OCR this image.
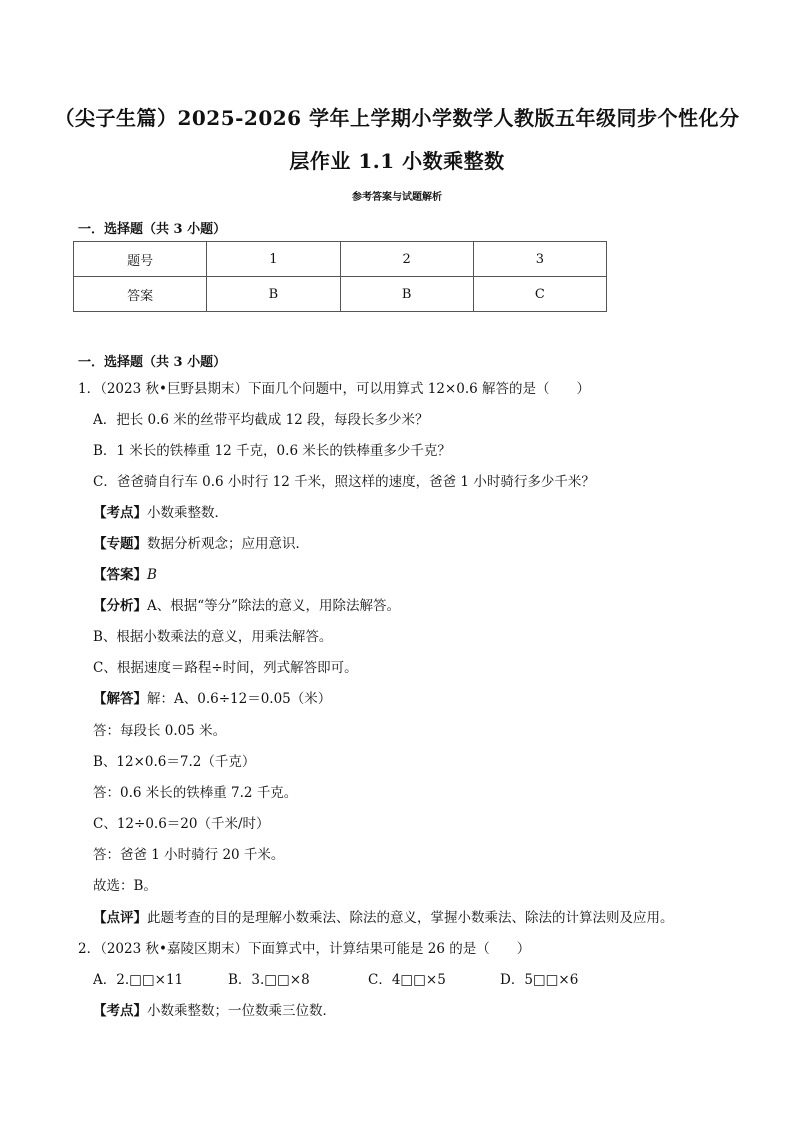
（尖子生篇）2025-2026 学年上学期小学数学人教版五年级同步个性化分
层作业 1.1 小数乘整数
参考答案与试题解析
一．选择题（共 3 小题）
题号	1	2	3
答案	B	B	C
一．选择题（共 3 小题）
1．（2023 秋•巨野县期末）下面几个问题中，可以用算式 12×0.6 解答的是（　　）
A．把长 0.6 米的丝带平均截成 12 段，每段长多少米？
B．1 米长的铁棒重 12 千克，0.6 米长的铁棒重多少千克？
C．爸爸骑自行车 0.6 小时行 12 千米，照这样的速度，爸爸 1 小时骑行多少千米？
【考点】小数乘整数．
【专题】数据分析观念；应用意识．
【答案】B
【分析】A、根据“等分”除法的意义，用除法解答。
B、根据小数乘法的意义，用乘法解答。
C、根据速度＝路程÷时间，列式解答即可。
【解答】解：A、0.6÷12＝0.05（米）
答：每段长 0.05 米。
B、12×0.6＝7.2（千克）
答：0.6 米长的铁棒重 7.2 千克。
C、12÷0.6＝20（千米/时）
答：爸爸 1 小时骑行 20 千米。
故选：B。
【点评】此题考查的目的是理解小数乘法、除法的意义，掌握小数乘法、除法的计算法则及应用。
2．（2023 秋•嘉陵区期末）下面算式中，计算结果可能是 26 的是（　　）
A．2.□□×11	B．3.□□×8	C．4□□×5	D．5□□×6
【考点】小数乘整数；一位数乘三位数．
